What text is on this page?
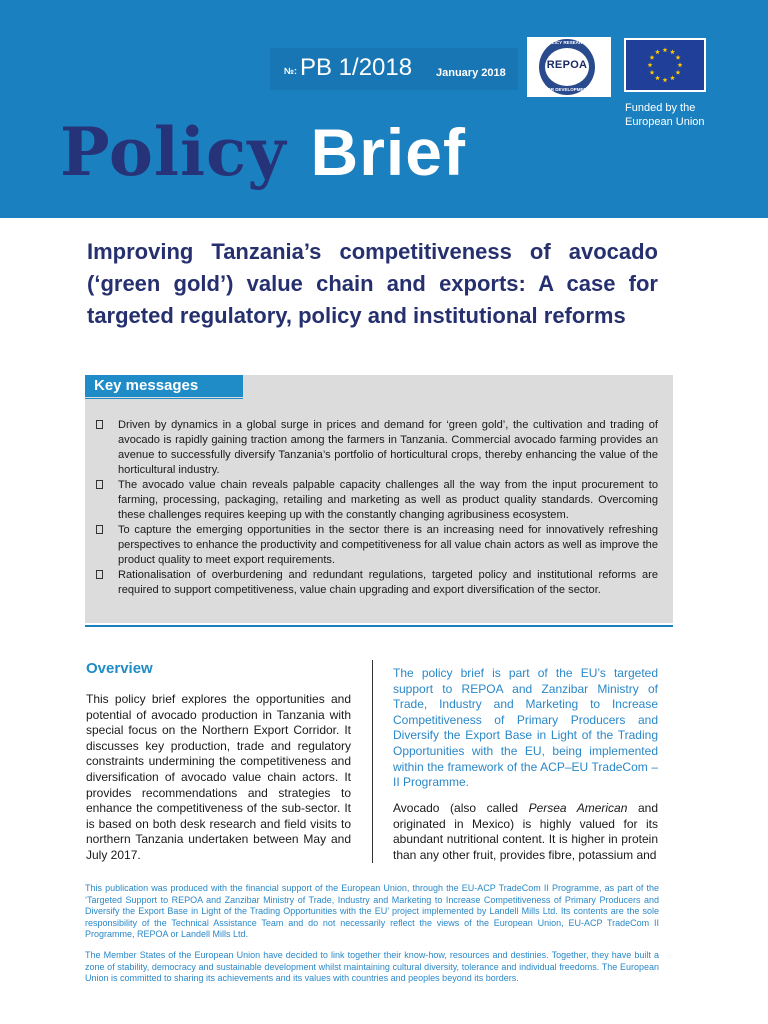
№: PB 1/2018 January 2018
POLICY RESEARCH
REPOA
FOR DEVELOPMENT
Funded by the
European Union
Policy Brief
Improving Tanzania’s competitiveness of avocado (‘green gold’) value chain and exports: A case for targeted regulatory, policy and institutional reforms
Key messages
Driven by dynamics in a global surge in prices and demand for ‘green gold’, the cultivation and trading of avocado is rapidly gaining traction among the farmers in Tanzania. Commercial avocado farming provides an avenue to successfully diversify Tanzania’s portfolio of horticultural crops, thereby enhancing the value of the horticultural industry.
The avocado value chain reveals palpable capacity challenges all the way from the input procurement to farming, processing, packaging, retailing and marketing as well as product quality standards. Overcoming these challenges requires keeping up with the constantly changing agribusiness ecosystem.
To capture the emerging opportunities in the sector there is an increasing need for innovatively refreshing perspectives to enhance the productivity and competitiveness for all value chain actors as well as improve the product quality to meet export requirements.
Rationalisation of overburdening and redundant regulations, targeted policy and institutional reforms are required to support competitiveness, value chain upgrading and export diversification of the sector.
Overview

This policy brief explores the opportunities and potential of avocado production in Tanzania with special focus on the Northern Export Corridor. It discusses key production, trade and regulatory constraints undermining the competitiveness and diversification of avocado value chain actors. It provides recommendations and strategies to enhance the competitiveness of the sub-sector. It is based on both desk research and field visits to northern Tanzania undertaken between May and July 2017.

The policy brief is part of the EU’s targeted support to REPOA and Zanzibar Ministry of Trade, Industry and Marketing to Increase Competitiveness of Primary Producers and Diversify the Export Base in Light of the Trading Opportunities with the EU, being implemented within the framework of the ACP–EU TradeCom – II Programme.

Avocado (also called Persea American and originated in Mexico) is highly valued for its abundant nutritional content. It is higher in protein than any other fruit, provides fibre, potassium and

This publication was produced with the financial support of the European Union, through the EU-ACP TradeCom II Programme, as part of the ‘Targeted Support to REPOA and Zanzibar Ministry of Trade, Industry and Marketing to Increase Competitiveness of Primary Producers and Diversify the Export Base in Light of the Trading Opportunities with the EU’ project implemented by Landell Mills Ltd. Its contents are the sole responsibility of the Technical Assistance Team and do not necessarily reflect the views of the European Union, EU-ACP TradeCom II Programme, REPOA or Landell Mills Ltd.

The Member States of the European Union have decided to link together their know-how, resources and destinies. Together, they have built a zone of stability, democracy and sustainable development whilst maintaining cultural diversity, tolerance and individual freedoms. The European Union is committed to sharing its achievements and its values with countries and peoples beyond its borders.
